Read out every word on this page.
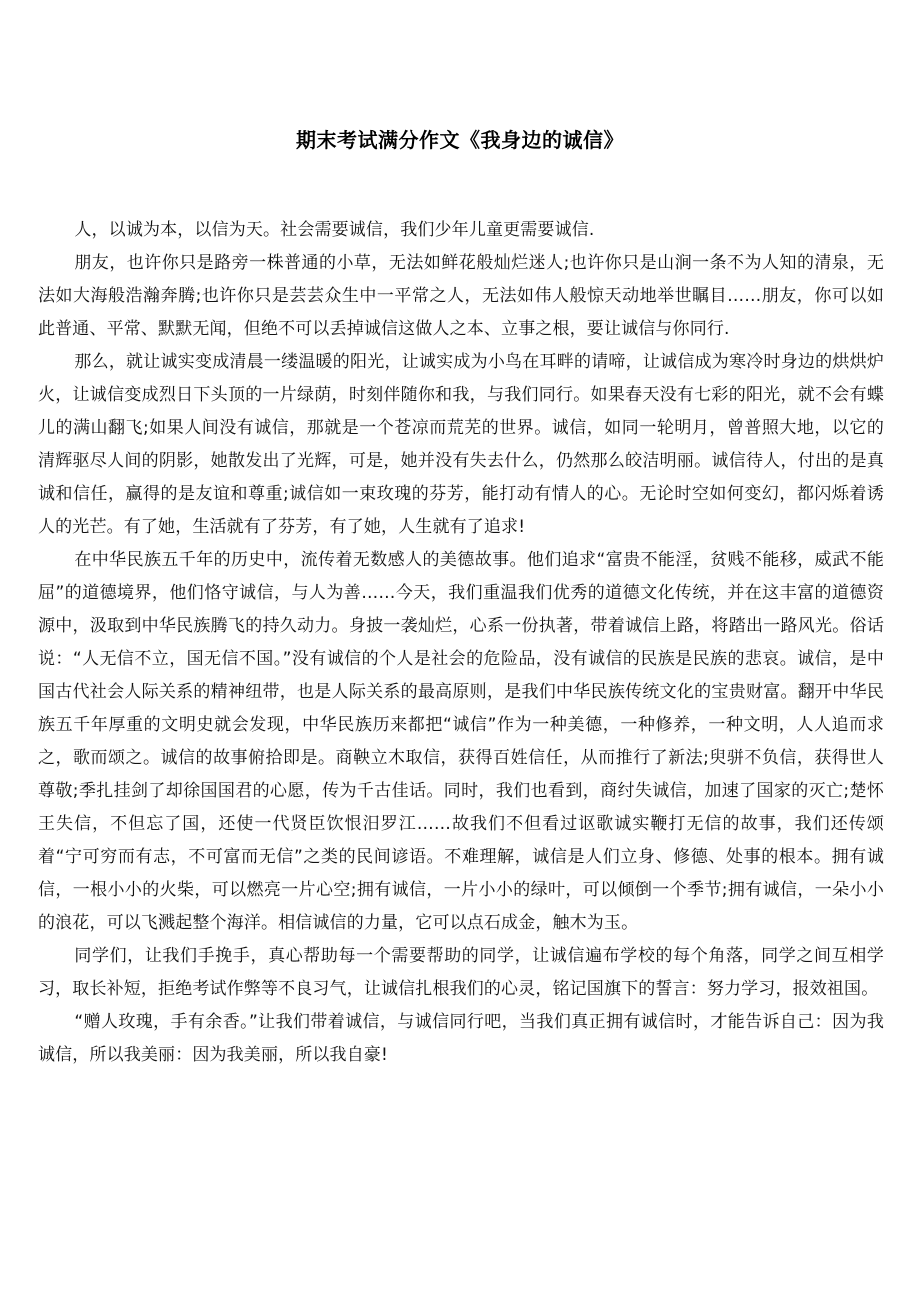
期末考试满分作文《我身边的诚信》

人，以诚为本，以信为天。社会需要诚信，我们少年儿童更需要诚信.

朋友，也许你只是路旁一株普通的小草，无法如鲜花般灿烂迷人;也许你只是山涧一条不为人知的清泉，无法如大海般浩瀚奔腾;也许你只是芸芸众生中一平常之人，无法如伟人般惊天动地举世瞩目……朋友，你可以如此普通、平常、默默无闻，但绝不可以丢掉诚信这做人之本、立事之根，要让诚信与你同行.

那么，就让诚实变成清晨一缕温暖的阳光，让诚实成为小鸟在耳畔的请啼，让诚信成为寒冷时身边的烘烘炉火，让诚信变成烈日下头顶的一片绿荫，时刻伴随你和我，与我们同行。如果春天没有七彩的阳光，就不会有蝶儿的满山翻飞;如果人间没有诚信，那就是一个苍凉而荒芜的世界。诚信，如同一轮明月，曾普照大地，以它的清辉驱尽人间的阴影，她散发出了光辉，可是，她并没有失去什么，仍然那么皎洁明丽。诚信待人，付出的是真诚和信任，赢得的是友谊和尊重;诚信如一束玫瑰的芬芳，能打动有情人的心。无论时空如何变幻，都闪烁着诱人的光芒。有了她，生活就有了芬芳，有了她，人生就有了追求!

在中华民族五千年的历史中，流传着无数感人的美德故事。他们追求“富贵不能淫，贫贱不能移，威武不能屈”的道德境界，他们恪守诚信，与人为善……今天，我们重温我们优秀的道德文化传统，并在这丰富的道德资源中，汲取到中华民族腾飞的持久动力。身披一袭灿烂，心系一份执著，带着诚信上路，将踏出一路风光。俗话说：“人无信不立，国无信不国。”没有诚信的个人是社会的危险品，没有诚信的民族是民族的悲哀。诚信，是中国古代社会人际关系的精神纽带，也是人际关系的最高原则，是我们中华民族传统文化的宝贵财富。翻开中华民族五千年厚重的文明史就会发现，中华民族历来都把“诚信”作为一种美德，一种修养，一种文明，人人追而求之，歌而颂之。诚信的故事俯拾即是。商鞅立木取信，获得百姓信任，从而推行了新法;臾骈不负信，获得世人尊敬;季扎挂剑了却徐国国君的心愿，传为千古佳话。同时，我们也看到，商纣失诚信，加速了国家的灭亡;楚怀王失信，不但忘了国，还使一代贤臣饮恨汨罗江……故我们不但看过讴歌诚实鞭打无信的故事，我们还传颂着“宁可穷而有志，不可富而无信”之类的民间谚语。不难理解，诚信是人们立身、修德、处事的根本。拥有诚信，一根小小的火柴，可以燃亮一片心空;拥有诚信，一片小小的绿叶，可以倾倒一个季节;拥有诚信，一朵小小的浪花，可以飞溅起整个海洋。相信诚信的力量，它可以点石成金，触木为玉。

同学们，让我们手挽手，真心帮助每一个需要帮助的同学，让诚信遍布学校的每个角落，同学之间互相学习，取长补短，拒绝考试作弊等不良习气，让诚信扎根我们的心灵，铭记国旗下的誓言：努力学习，报效祖国。

“赠人玫瑰，手有余香。”让我们带着诚信，与诚信同行吧，当我们真正拥有诚信时，才能告诉自己：因为我诚信，所以我美丽：因为我美丽，所以我自豪!
